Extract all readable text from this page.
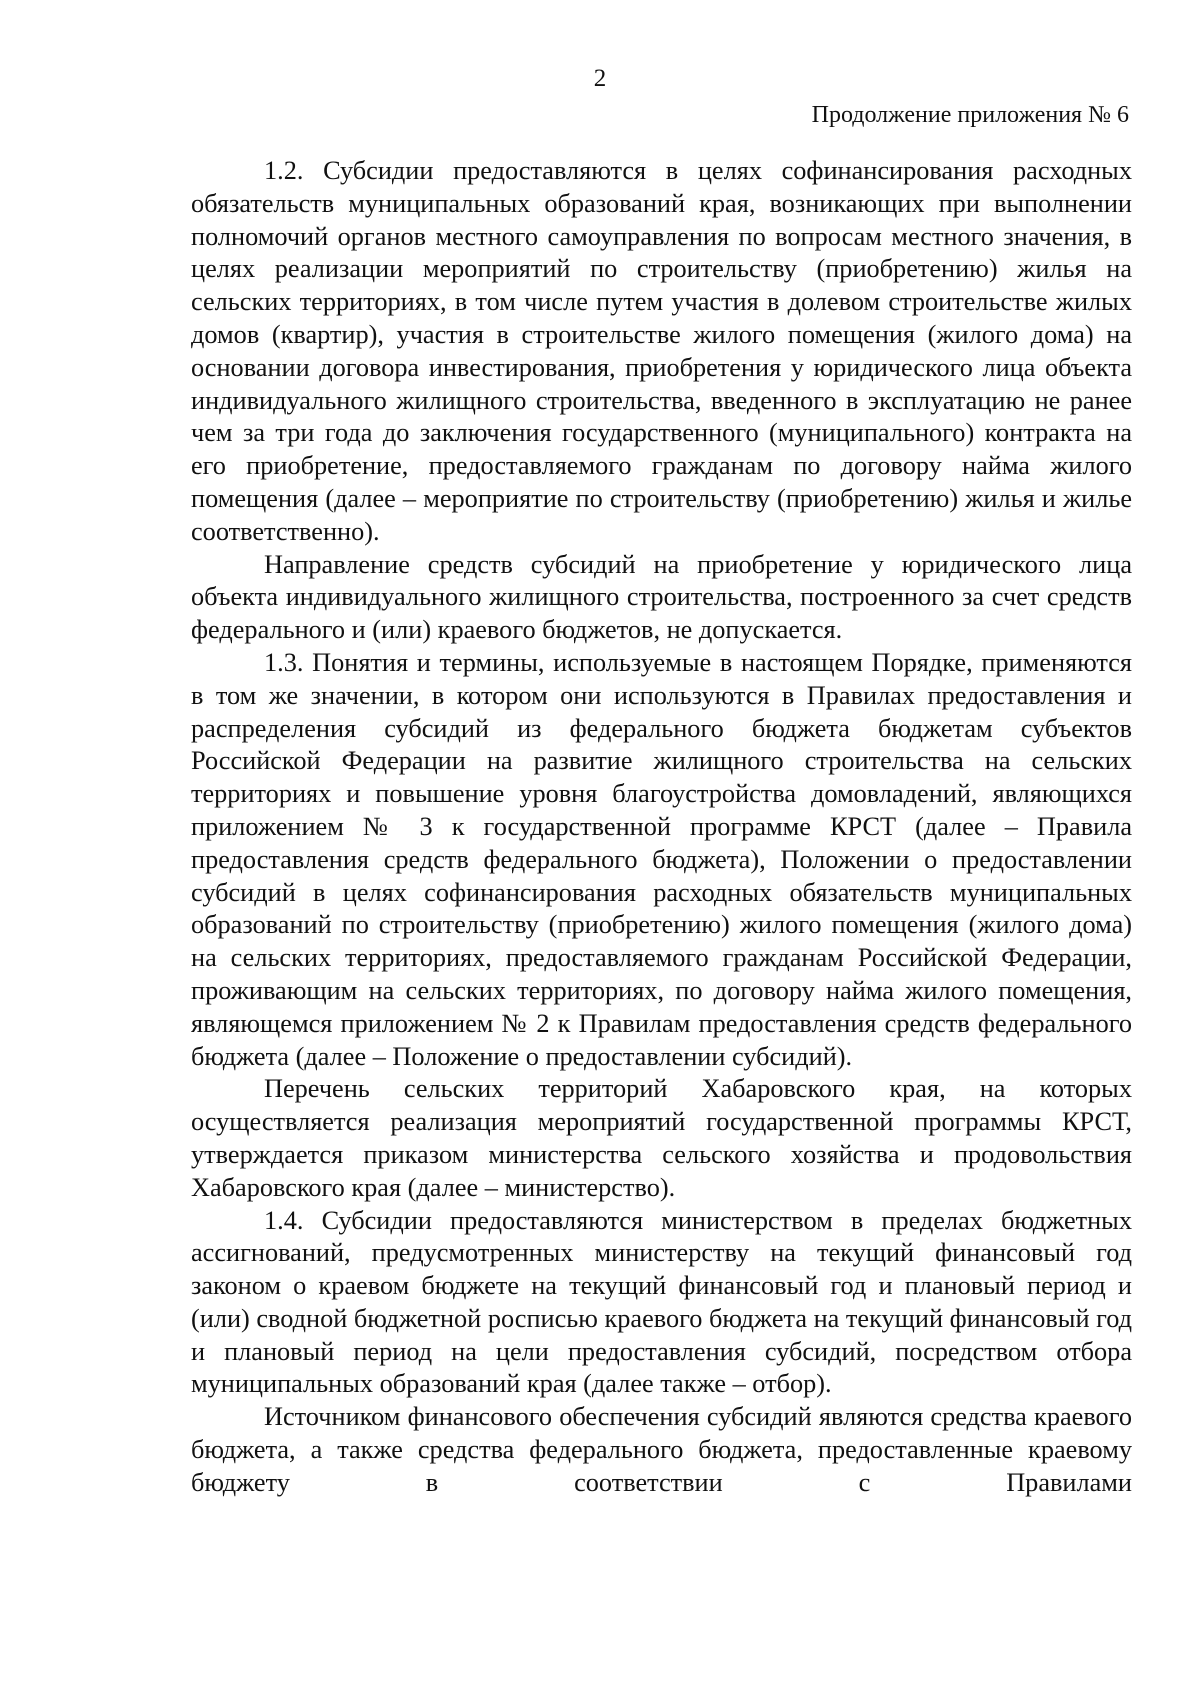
2
Продолжение приложения № 6

1.2. Субсидии предоставляются в целях софинансирования расходных обязательств муниципальных образований края, возникающих при выполнении полномочий органов местного самоуправления по вопросам местного значения, в целях реализации мероприятий по строительству (приобретению) жилья на сельских территориях, в том числе путем участия в долевом строительстве жилых домов (квартир), участия в строительстве жилого помещения (жилого дома) на основании договора инвестирования, приобретения у юридического лица объекта индивидуального жилищного строительства, введенного в эксплуатацию не ранее чем за три года до заключения государственного (муниципального) контракта на его приобретение, предоставляемого гражданам по договору найма жилого помещения (далее – мероприятие по строительству (приобретению) жилья и жилье соответственно).

Направление средств субсидий на приобретение у юридического лица объекта индивидуального жилищного строительства, построенного за счет средств федерального и (или) краевого бюджетов, не допускается.

1.3. Понятия и термины, используемые в настоящем Порядке, применяются в том же значении, в котором они используются в Правилах предоставления и распределения субсидий из федерального бюджета бюджетам субъектов Российской Федерации на развитие жилищного строительства на сельских территориях и повышение уровня благоустройства домовладений, являющихся приложением № 3 к государственной программе КРСТ (далее – Правила предоставления средств федерального бюджета), Положении о предоставлении субсидий в целях софинансирования расходных обязательств муниципальных образований по строительству (приобретению) жилого помещения (жилого дома) на сельских территориях, предоставляемого гражданам Российской Федерации, проживающим на сельских территориях, по договору найма жилого помещения, являющемся приложением № 2 к Правилам предоставления средств федерального бюджета (далее – Положение о предоставлении субсидий).

Перечень сельских территорий Хабаровского края, на которых осуществляется реализация мероприятий государственной программы КРСТ, утверждается приказом министерства сельского хозяйства и продовольствия Хабаровского края (далее – министерство).

1.4. Субсидии предоставляются министерством в пределах бюджетных ассигнований, предусмотренных министерству на текущий финансовый год законом о краевом бюджете на текущий финансовый год и плановый период и (или) сводной бюджетной росписью краевого бюджета на текущий финансовый год и плановый период на цели предоставления субсидий, посредством отбора муниципальных образований края (далее также – отбор).

Источником финансового обеспечения субсидий являются средства краевого бюджета, а также средства федерального бюджета, предоставленные краевому бюджету в соответствии с Правилами
